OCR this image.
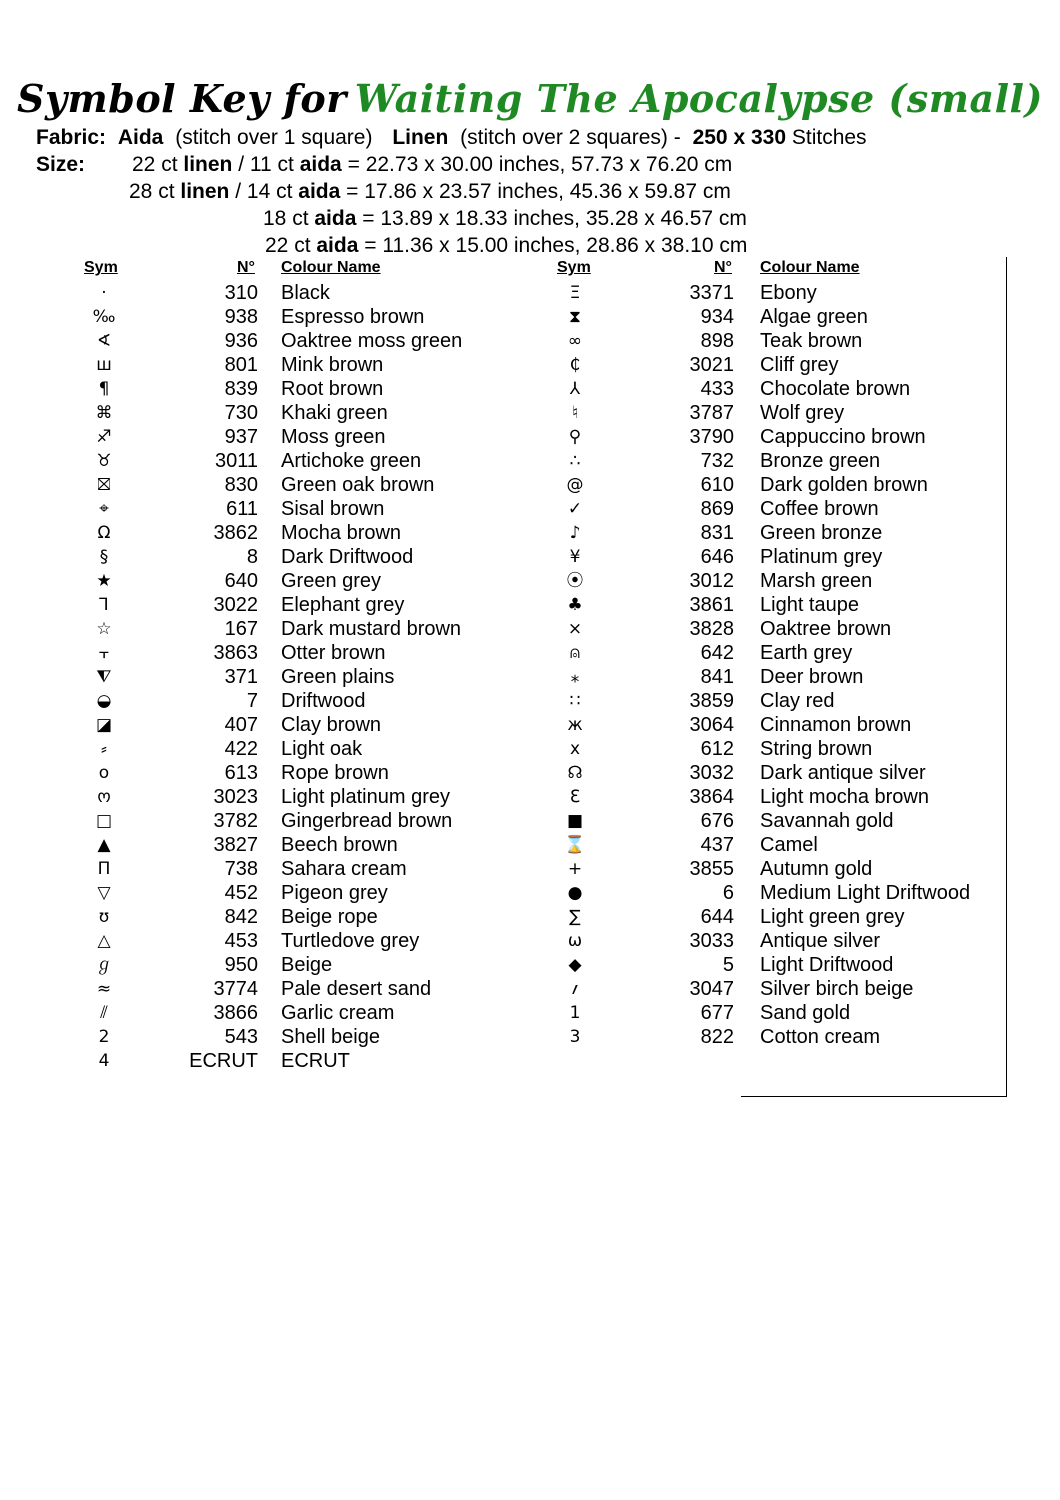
Symbol Key for Waiting The Apocalypse (small)
Fabric: Aida (stitch over 1 square) Linen (stitch over 2 squares) - 250 x 330 Stitches
Size: 22 ct linen / 11 ct aida = 22.73 x 30.00 inches, 57.73 x 76.20 cm
28 ct linen / 14 ct aida = 17.86 x 23.57 inches, 45.36 x 59.87 cm
18 ct aida = 13.89 x 18.33 inches, 35.28 x 46.57 cm
22 ct aida = 11.36 x 15.00 inches, 28.86 x 38.10 cm
Sym	N° Colour Name	Sym	N° Colour Name
·	310 Black
‰	938 Espresso brown
∢	936 Oaktree moss green
ш	801 Mink brown
¶	839 Root brown
⌘	730 Khaki green
♐	937 Moss green
♉	3011 Artichoke green
⛝	830 Green oak brown
⌖	611 Sisal brown
Ω	3862 Mocha brown
§	8 Dark Driftwood
★	640 Green grey
⅂	3022 Elephant grey
☆	167 Dark mustard brown
⫟	3863 Otter brown
⧨	371 Green plains
◒	7 Driftwood
◪	407 Clay brown
⸗	422 Light oak
o	613 Rope brown
ო	3023 Light platinum grey
□	3782 Gingerbread brown
▲	3827 Beech brown
Π	738 Sahara cream
▽	452 Pigeon grey
ʊ	842 Beige rope
△	453 Turtledove grey
ℊ	950 Beige
≈	3774 Pale desert sand
⫽	3866 Garlic cream
2	543 Shell beige
4	ECRUT ECRUT
Ξ	3371 Ebony
⧗	934 Algae green
∞	898 Teak brown
₵	3021 Cliff grey
⅄	433 Chocolate brown
♮	3787 Wolf grey
⚲	3790 Cappuccino brown
∴	732 Bronze green
@	610 Dark golden brown
✓	869 Coffee brown
♪	831 Green bronze
¥	646 Platinum grey
⦿	3012 Marsh green
♣	3861 Light taupe
⨯	3828 Oaktree brown
⍝	642 Earth grey
⁎	841 Deer brown
∷	3859 Clay red
ж	3064 Cinnamon brown
x	612 String brown
☊	3032 Dark antique silver
ℇ	3864 Light mocha brown
■	676 Savannah gold
⌛	437 Camel
+	3855 Autumn gold
●	6 Medium Light Driftwood
∑	644 Light green grey
ω	3033 Antique silver
◆	5 Light Driftwood
؍	3047 Silver birch beige
1	677 Sand gold
3	822 Cotton cream
